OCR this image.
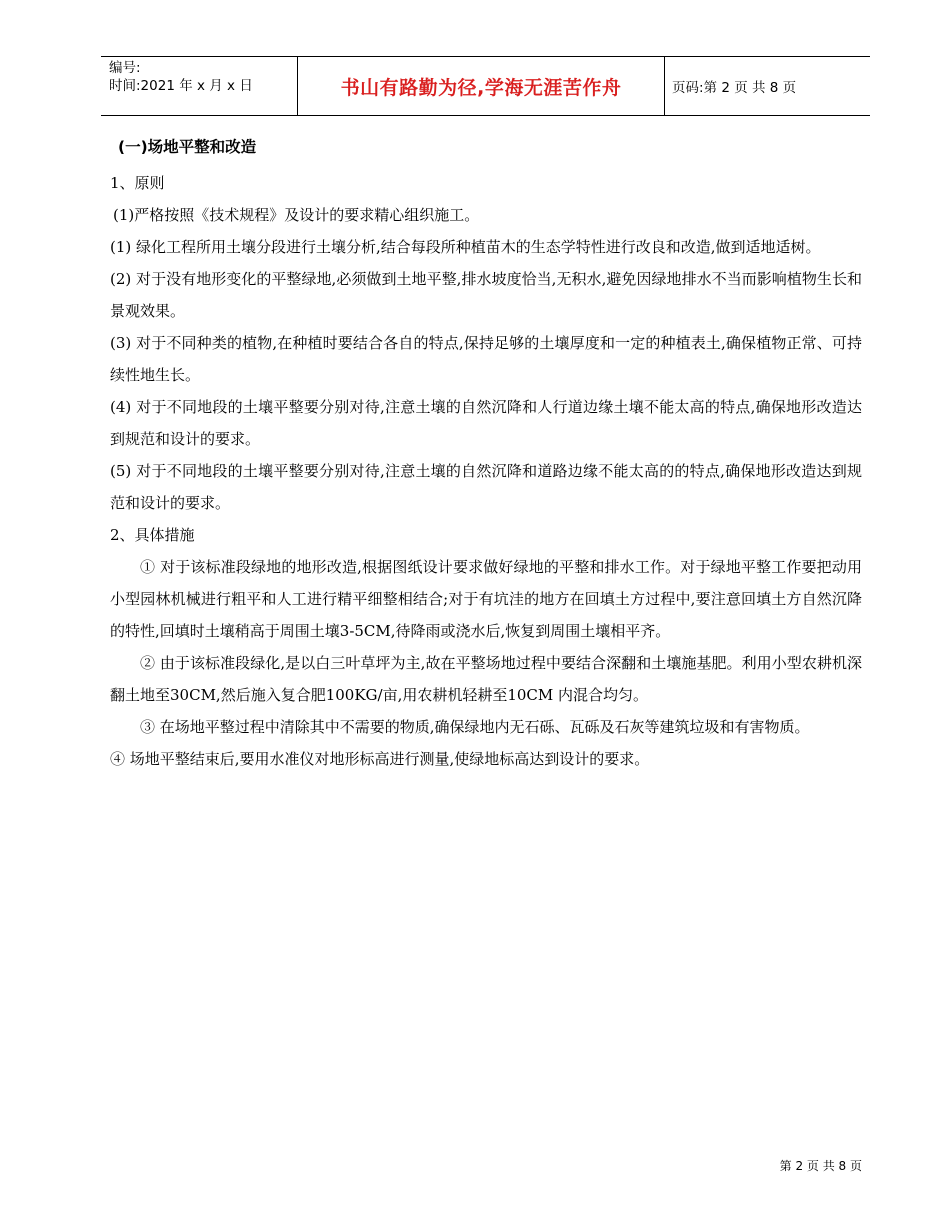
编号:
时间:2021 年 x 月 x 日	书山有路勤为径,学海无涯苦作舟	页码:第 2 页 共 8 页

(一)场地平整和改造

1、原则

(1)严格按照《技术规程》及设计的要求精心组织施工。

(1) 绿化工程所用土壤分段进行土壤分析,结合每段所种植苗木的生态学特性进行改良和改造,做到适地适树。

(2) 对于没有地形变化的平整绿地,必须做到土地平整,排水坡度恰当,无积水,避免因绿地排水不当而影响植物生长和景观效果。

(3) 对于不同种类的植物,在种植时要结合各自的特点,保持足够的土壤厚度和一定的种植表土,确保植物正常、可持续性地生长。

(4) 对于不同地段的土壤平整要分别对待,注意土壤的自然沉降和人行道边缘土壤不能太高的特点,确保地形改造达到规范和设计的要求。

(5) 对于不同地段的土壤平整要分别对待,注意土壤的自然沉降和道路边缘不能太高的的特点,确保地形改造达到规范和设计的要求。

2、具体措施

① 对于该标准段绿地的地形改造,根据图纸设计要求做好绿地的平整和排水工作。对于绿地平整工作要把动用小型园林机械进行粗平和人工进行精平细整相结合;对于有坑洼的地方在回填土方过程中,要注意回填土方自然沉降的特性,回填时土壤稍高于周围土壤3-5CM,待降雨或浇水后,恢复到周围土壤相平齐。

② 由于该标准段绿化,是以白三叶草坪为主,故在平整场地过程中要结合深翻和土壤施基肥。利用小型农耕机深翻土地至30CM,然后施入复合肥100KG/亩,用农耕机轻耕至10CM 内混合均匀。

③ 在场地平整过程中清除其中不需要的物质,确保绿地内无石砾、瓦砾及石灰等建筑垃圾和有害物质。

④ 场地平整结束后,要用水准仪对地形标高进行测量,使绿地标高达到设计的要求。

第 2 页 共 8 页
